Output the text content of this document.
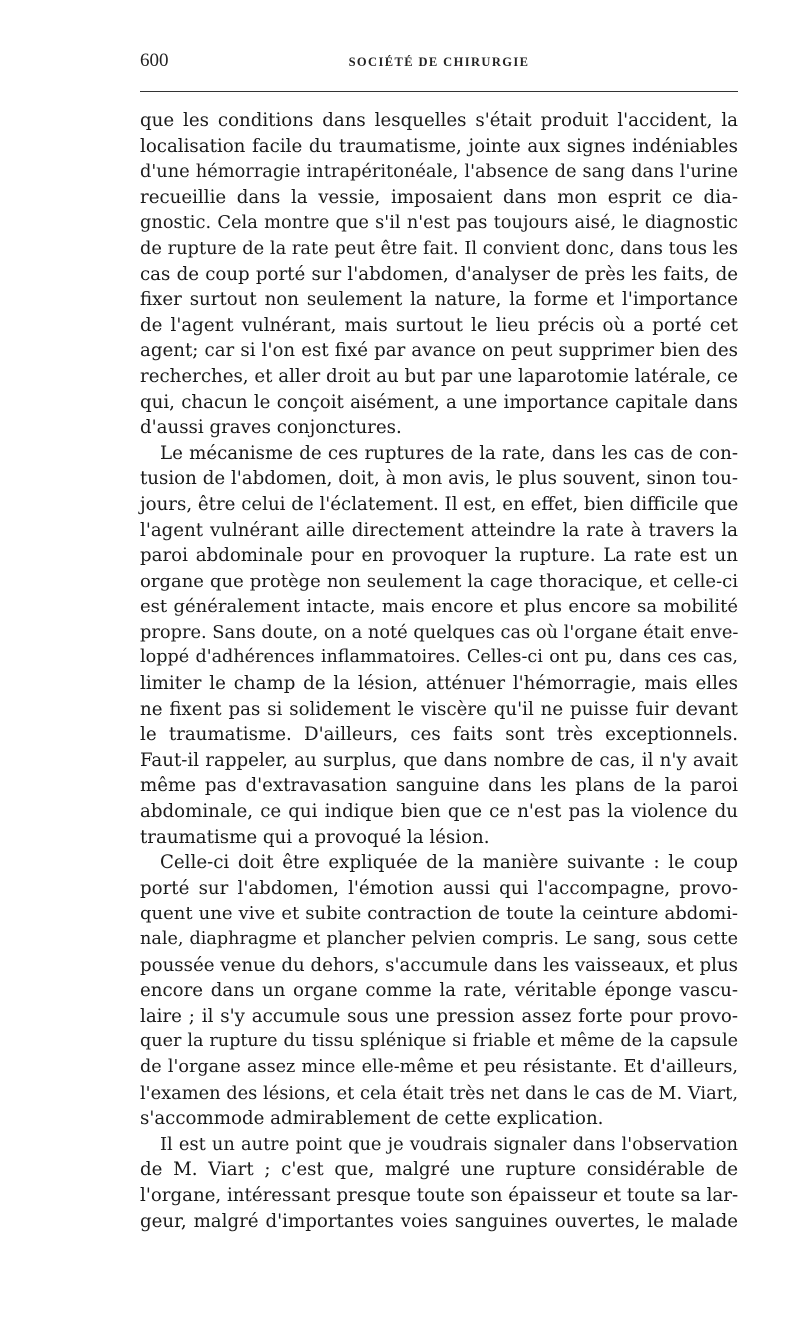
600	SOCIÉTÉ DE CHIRURGIE
que les conditions dans lesquelles s'était produit l'accident, la
localisation facile du traumatisme, jointe aux signes indéniables
d'une hémorragie intrapéritonéale, l'absence de sang dans l'urine
recueillie dans la vessie, imposaient dans mon esprit ce dia-
gnostic. Cela montre que s'il n'est pas toujours aisé, le diagnostic
de rupture de la rate peut être fait. Il convient donc, dans tous les
cas de coup porté sur l'abdomen, d'analyser de près les faits, de
fixer surtout non seulement la nature, la forme et l'importance
de l'agent vulnérant, mais surtout le lieu précis où a porté cet
agent; car si l'on est fixé par avance on peut supprimer bien des
recherches, et aller droit au but par une laparotomie latérale, ce
qui, chacun le conçoit aisément, a une importance capitale dans
d'aussi graves conjonctures.
Le mécanisme de ces ruptures de la rate, dans les cas de con-
tusion de l'abdomen, doit, à mon avis, le plus souvent, sinon tou-
jours, être celui de l'éclatement. Il est, en effet, bien difficile que
l'agent vulnérant aille directement atteindre la rate à travers la
paroi abdominale pour en provoquer la rupture. La rate est un
organe que protège non seulement la cage thoracique, et celle-ci
est généralement intacte, mais encore et plus encore sa mobilité
propre. Sans doute, on a noté quelques cas où l'organe était enve-
loppé d'adhérences inflammatoires. Celles-ci ont pu, dans ces cas,
limiter le champ de la lésion, atténuer l'hémorragie, mais elles
ne fixent pas si solidement le viscère qu'il ne puisse fuir devant
le traumatisme. D'ailleurs, ces faits sont très exceptionnels.
Faut-il rappeler, au surplus, que dans nombre de cas, il n'y avait
même pas d'extravasation sanguine dans les plans de la paroi
abdominale, ce qui indique bien que ce n'est pas la violence du
traumatisme qui a provoqué la lésion.
Celle-ci doit être expliquée de la manière suivante : le coup
porté sur l'abdomen, l'émotion aussi qui l'accompagne, provo-
quent une vive et subite contraction de toute la ceinture abdomi-
nale, diaphragme et plancher pelvien compris. Le sang, sous cette
poussée venue du dehors, s'accumule dans les vaisseaux, et plus
encore dans un organe comme la rate, véritable éponge vascu-
laire ; il s'y accumule sous une pression assez forte pour provo-
quer la rupture du tissu splénique si friable et même de la capsule
de l'organe assez mince elle-même et peu résistante. Et d'ailleurs,
l'examen des lésions, et cela était très net dans le cas de M. Viart,
s'accommode admirablement de cette explication.
Il est un autre point que je voudrais signaler dans l'observation
de M. Viart ; c'est que, malgré une rupture considérable de
l'organe, intéressant presque toute son épaisseur et toute sa lar-
geur, malgré d'importantes voies sanguines ouvertes, le malade
